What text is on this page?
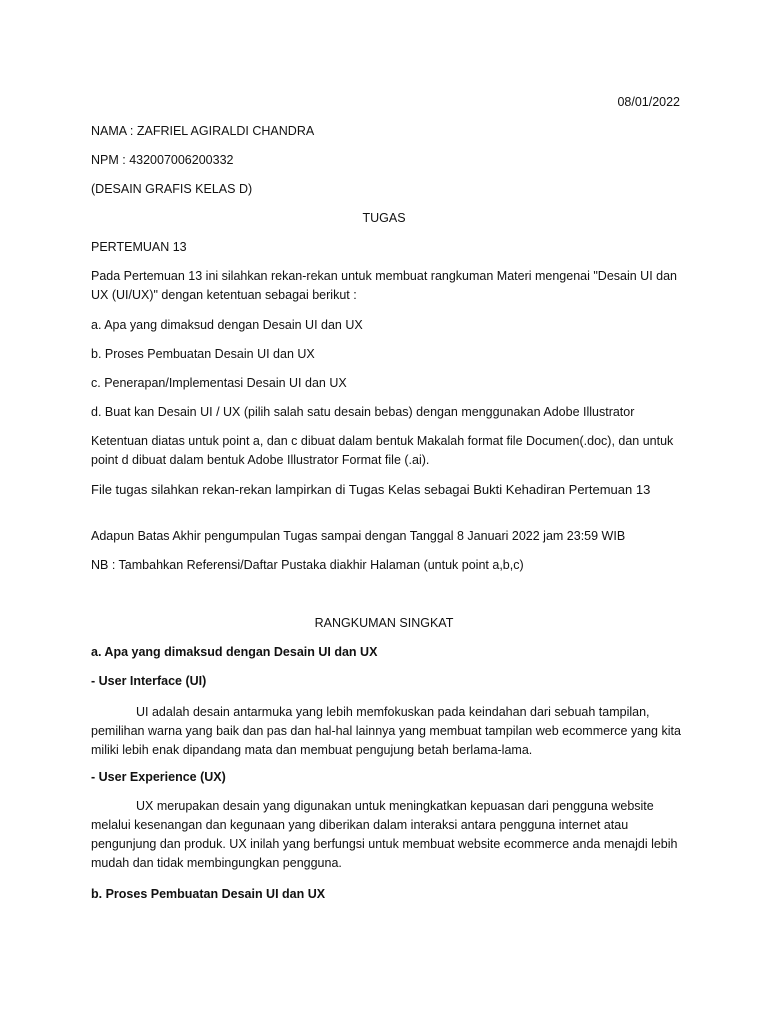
08/01/2022
NAMA : ZAFRIEL AGIRALDI CHANDRA
NPM : 432007006200332
(DESAIN GRAFIS KELAS D)
TUGAS
PERTEMUAN 13
Pada Pertemuan 13 ini silahkan rekan-rekan untuk membuat rangkuman Materi mengenai "Desain UI dan UX (UI/UX)" dengan ketentuan sebagai berikut :
a. Apa yang dimaksud dengan Desain UI dan UX
b. Proses Pembuatan Desain UI dan UX
c. Penerapan/Implementasi Desain UI dan UX
d. Buat kan Desain UI / UX (pilih salah satu desain bebas) dengan menggunakan Adobe Illustrator
Ketentuan diatas untuk point a, dan c dibuat dalam bentuk Makalah format file Documen(.doc), dan untuk point d dibuat dalam bentuk Adobe Illustrator Format file (.ai).
File tugas silahkan rekan-rekan lampirkan di Tugas Kelas sebagai Bukti Kehadiran Pertemuan 13
Adapun Batas Akhir pengumpulan Tugas sampai dengan Tanggal 8 Januari 2022 jam 23:59 WIB
NB : Tambahkan Referensi/Daftar Pustaka diakhir Halaman (untuk point a,b,c)
RANGKUMAN SINGKAT
a. Apa yang dimaksud dengan Desain UI dan UX
- User Interface (UI)
UI adalah desain antarmuka yang lebih memfokuskan pada keindahan dari sebuah tampilan, pemilihan warna yang baik dan pas dan hal-hal lainnya yang membuat tampilan web ecommerce yang kita miliki lebih enak dipandang mata dan membuat pengujung betah berlama-lama.
- User Experience (UX)
UX merupakan desain yang digunakan untuk meningkatkan kepuasan dari pengguna website melalui kesenangan dan kegunaan yang diberikan dalam interaksi antara pengguna internet atau pengunjung dan produk. UX inilah yang berfungsi untuk membuat website ecommerce anda menajdi lebih mudah dan tidak membingungkan pengguna.
b. Proses Pembuatan Desain UI dan UX
